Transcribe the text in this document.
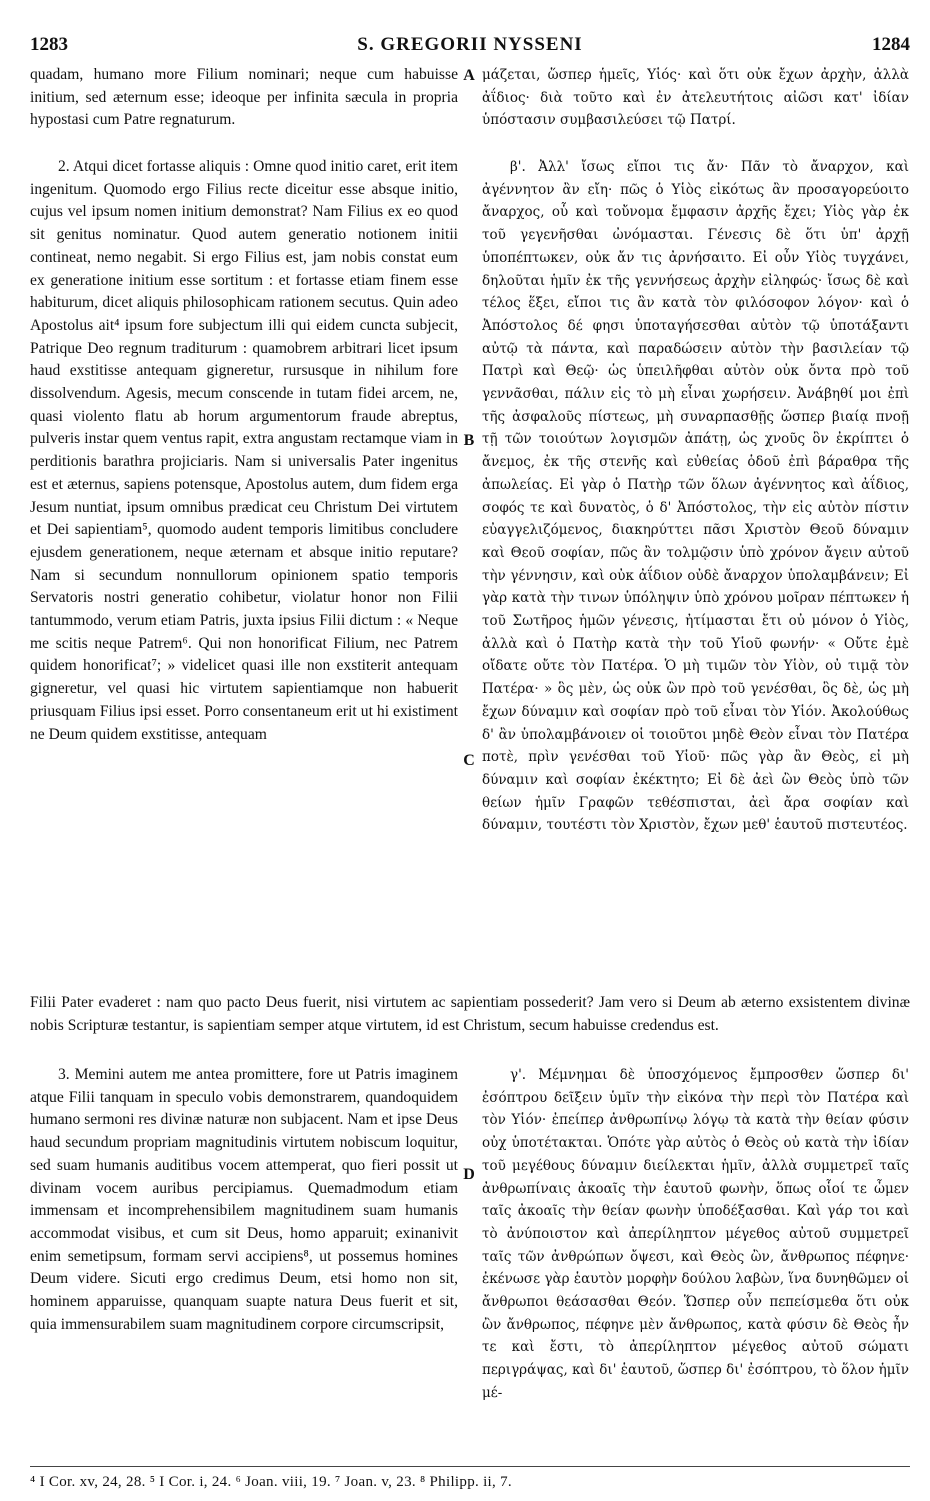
1283	S. GREGORII NYSSENI	1284

quadam, humano more Filium nominari; neque cum habuisse initium, sed æternum esse; ideoque per infinita sæcula in propria hypostasi cum Patre regnaturum.

μάζεται, ὥσπερ ἡμεῖς, Υἱός· καὶ ὅτι οὐκ ἔχων ἀρχὴν, ἀλλὰ ἀΐδιος· διὰ τοῦτο καὶ ἐν ἀτελευτήτοις αἰῶσι κατ' ἰδίαν ὑπόστασιν συμβασιλεύσει τῷ Πατρί.

A

2. Atqui dicet fortasse aliquis : Omne quod initio caret, erit item ingenitum. Quomodo ergo Filius recte diceitur esse absque initio, cujus vel ipsum nomen initium demonstrat? Nam Filius ex eo quod sit genitus nominatur. Quod autem generatio notionem initii contineat, nemo negabit. Si ergo Filius est, jam nobis constat eum ex generatione initium esse sortitum : et fortasse etiam finem esse habiturum, dicet aliquis philosophicam rationem secutus. Quin adeo Apostolus ait⁴ ipsum fore subjectum illi qui eidem cuncta subjecit, Patrique Deo regnum traditurum : quamobrem arbitrari licet ipsum haud exstitisse antequam gigneretur, rursusque in nihilum fore dissolvendum. Agesis, mecum conscende in tutam fidei arcem, ne, quasi violento flatu ab horum argumentorum fraude abreptus, pulveris instar quem ventus rapit, extra angustam rectamque viam in perditionis barathra projiciaris. Nam si universalis Pater ingenitus est et æternus, sapiens potensque, Apostolus autem, dum fidem erga Jesum nuntiat, ipsum omnibus prædicat ceu Christum Dei virtutem et Dei sapientiam⁵, quomodo audent temporis limitibus concludere ejusdem generationem, neque æternam et absque initio reputare? Nam si secundum nonnullorum opinionem spatio temporis Servatoris nostri generatio cohibetur, violatur honor non Filii tantummodo, verum etiam Patris, juxta ipsius Filii dictum : « Neque me scitis neque Patrem⁶. Qui non honorificat Filium, nec Patrem quidem honorificat⁷; » videlicet quasi ille non exstiterit antequam gigneretur, vel quasi hic virtutem sapientiamque non habuerit priusquam Filius ipsi esset. Porro consentaneum erit ut hi existiment ne Deum quidem exstitisse, antequam

β'. Ἀλλ' ἴσως εἴποι τις ἄν· Πᾶν τὸ ἄναρχον, καὶ ἀγέννητον ἂν εἴη· πῶς ὁ Υἱὸς εἰκότως ἂν προσαγορεύοιτο ἄναρχος, οὗ καὶ τοὔνομα ἔμφασιν ἀρχῆς ἔχει; Υἱὸς γὰρ ἐκ τοῦ γεγενῆσθαι ὠνόμασται. Γένεσις δὲ ὅτι ὑπ' ἀρχῇ ὑποπέπτωκεν, οὐκ ἄν τις ἀρνήσαιτο. Εἰ οὖν Υἱὸς τυγχάνει, δηλοῦται ἡμῖν ἐκ τῆς γεννήσεως ἀρχὴν εἰληφώς· ἴσως δὲ καὶ τέλος ἕξει, εἴποι τις ἂν κατὰ τὸν φιλόσοφον λόγον· καὶ ὁ Ἀπόστολος δέ φησι ὑποταγήσεσθαι αὐτὸν τῷ ὑποτάξαντι αὐτῷ τὰ πάντα, καὶ παραδώσειν αὐτὸν τὴν βασιλείαν τῷ Πατρὶ καὶ Θεῷ· ὡς ὑπειλῆφθαι αὐτὸν οὐκ ὄντα πρὸ τοῦ γεννᾶσθαι, πάλιν εἰς τὸ μὴ εἶναι χωρήσειν. Ἀνάβηθί μοι ἐπὶ τῆς ἀσφαλοῦς πίστεως, μὴ συναρπασθῇς ὥσπερ βιαίᾳ πνοῇ τῇ τῶν τοιούτων λογισμῶν ἀπάτῃ, ὡς χνοῦς ὃν ἐκρίπτει ὁ ἄνεμος, ἐκ τῆς στενῆς καὶ εὐθείας ὁδοῦ ἐπὶ βάραθρα τῆς ἀπωλείας. Εἰ γὰρ ὁ Πατὴρ τῶν ὅλων ἀγέννητος καὶ ἀΐδιος, σοφός τε καὶ δυνατὸς, ὁ δ' Ἀπόστολος, τὴν εἰς αὐτὸν πίστιν εὐαγγελιζόμενος, διακηρύττει πᾶσι Χριστὸν Θεοῦ δύναμιν καὶ Θεοῦ σοφίαν, πῶς ἂν τολμῷσιν ὑπὸ χρόνον ἄγειν αὐτοῦ τὴν γέννησιν, καὶ οὐκ ἀΐδιον οὐδὲ ἄναρχον ὑπολαμβάνειν; Εἰ γὰρ κατὰ τὴν τινων ὑπόληψιν ὑπὸ χρόνου μοῖραν πέπτωκεν ἡ τοῦ Σωτῆρος ἡμῶν γένεσις, ἠτίμασται ἔτι οὐ μόνον ὁ Υἱὸς, ἀλλὰ καὶ ὁ Πατὴρ κατὰ τὴν τοῦ Υἱοῦ φωνήν· « Οὔτε ἐμὲ οἴδατε οὔτε τὸν Πατέρα. Ὁ μὴ τιμῶν τὸν Υἱὸν, οὐ τιμᾷ τὸν Πατέρα· » ὃς μὲν, ὡς οὐκ ὢν πρὸ τοῦ γενέσθαι, ὃς δὲ, ὡς μὴ ἔχων δύναμιν καὶ σοφίαν πρὸ τοῦ εἶναι τὸν Υἱόν. Ἀκολούθως δ' ἂν ὑπολαμβάνοιεν οἱ τοιοῦτοι μηδὲ Θεὸν εἶναι τὸν Πατέρα ποτὲ, πρὶν γενέσθαι τοῦ Υἱοῦ· πῶς γὰρ ἂν Θεὸς, εἰ μὴ δύναμιν καὶ σοφίαν ἐκέκτητο; Εἰ δὲ ἀεὶ ὢν Θεὸς ὑπὸ τῶν θείων ἡμῖν Γραφῶν τεθέσπισται, ἀεὶ ἄρα σοφίαν καὶ δύναμιν, τουτέστι τὸν Χριστὸν, ἔχων μεθ' ἑαυτοῦ πιστευτέος.

B
C

Filii Pater evaderet : nam quo pacto Deus fuerit, nisi virtutem ac sapientiam possederit? Jam vero si Deum ab æterno exsistentem divinæ nobis Scripturæ testantur, is sapientiam semper atque virtutem, id est Christum, secum habuisse credendus est.

3. Memini autem me antea promittere, fore ut Patris imaginem atque Filii tanquam in speculo vobis demonstrarem, quandoquidem humano sermoni res divinæ naturæ non subjacent. Nam et ipse Deus haud secundum propriam magnitudinis virtutem nobiscum loquitur, sed suam humanis auditibus vocem attemperat, quo fieri possit ut divinam vocem auribus percipiamus. Quemadmodum etiam immensam et incomprehensibilem magnitudinem suam humanis accommodat visibus, et cum sit Deus, homo apparuit; exinanivit enim semetipsum, formam servi accipiens⁸, ut possemus homines Deum videre. Sicuti ergo credimus Deum, etsi homo non sit, hominem apparuisse, quanquam suapte natura Deus fuerit et sit, quia immensurabilem suam magnitudinem corpore circumscripsit,

γ'. Μέμνημαι δὲ ὑποσχόμενος ἔμπροσθεν ὥσπερ δι' ἐσόπτρου δεῖξειν ὑμῖν τὴν εἰκόνα τὴν περὶ τὸν Πατέρα καὶ τὸν Υἱόν· ἐπείπερ ἀνθρωπίνῳ λόγῳ τὰ κατὰ τὴν θείαν φύσιν οὐχ ὑποτέτακται. Ὁπότε γὰρ αὐτὸς ὁ Θεὸς οὐ κατὰ τὴν ἰδίαν τοῦ μεγέθους δύναμιν διείλεκται ἡμῖν, ἀλλὰ συμμετρεῖ ταῖς ἀνθρωπίναις ἀκοαῖς τὴν ἑαυτοῦ φωνὴν, ὅπως οἷοί τε ὦμεν ταῖς ἀκοαῖς τὴν θείαν φωνὴν ὑποδέξασθαι. Καὶ γάρ τοι καὶ τὸ ἀνύποιστον καὶ ἀπερίληπτον μέγεθος αὐτοῦ συμμετρεῖ ταῖς τῶν ἀνθρώπων ὄψεσι, καὶ Θεὸς ὢν, ἄνθρωπος πέφηνε· ἐκένωσε γὰρ ἑαυτὸν μορφὴν δούλου λαβὼν, ἵνα δυνηθῶμεν οἱ ἄνθρωποι θεάσασθαι Θεόν. Ὥσπερ οὖν πεπείσμεθα ὅτι οὐκ ὢν ἄνθρωπος, πέφηνε μὲν ἄνθρωπος, κατὰ φύσιν δὲ Θεὸς ἦν τε καὶ ἔστι, τὸ ἀπερίληπτον μέγεθος αὐτοῦ σώματι περιγράψας, καὶ δι' ἑαυτοῦ, ὥσπερ δι' ἐσόπτρου, τὸ ὅλον ἡμῖν μέ-

D
⁴ I Cor. xv, 24, 28. ⁵ I Cor. i, 24. ⁶ Joan. viii, 19. ⁷ Joan. v, 23. ⁸ Philipp. ii, 7.
